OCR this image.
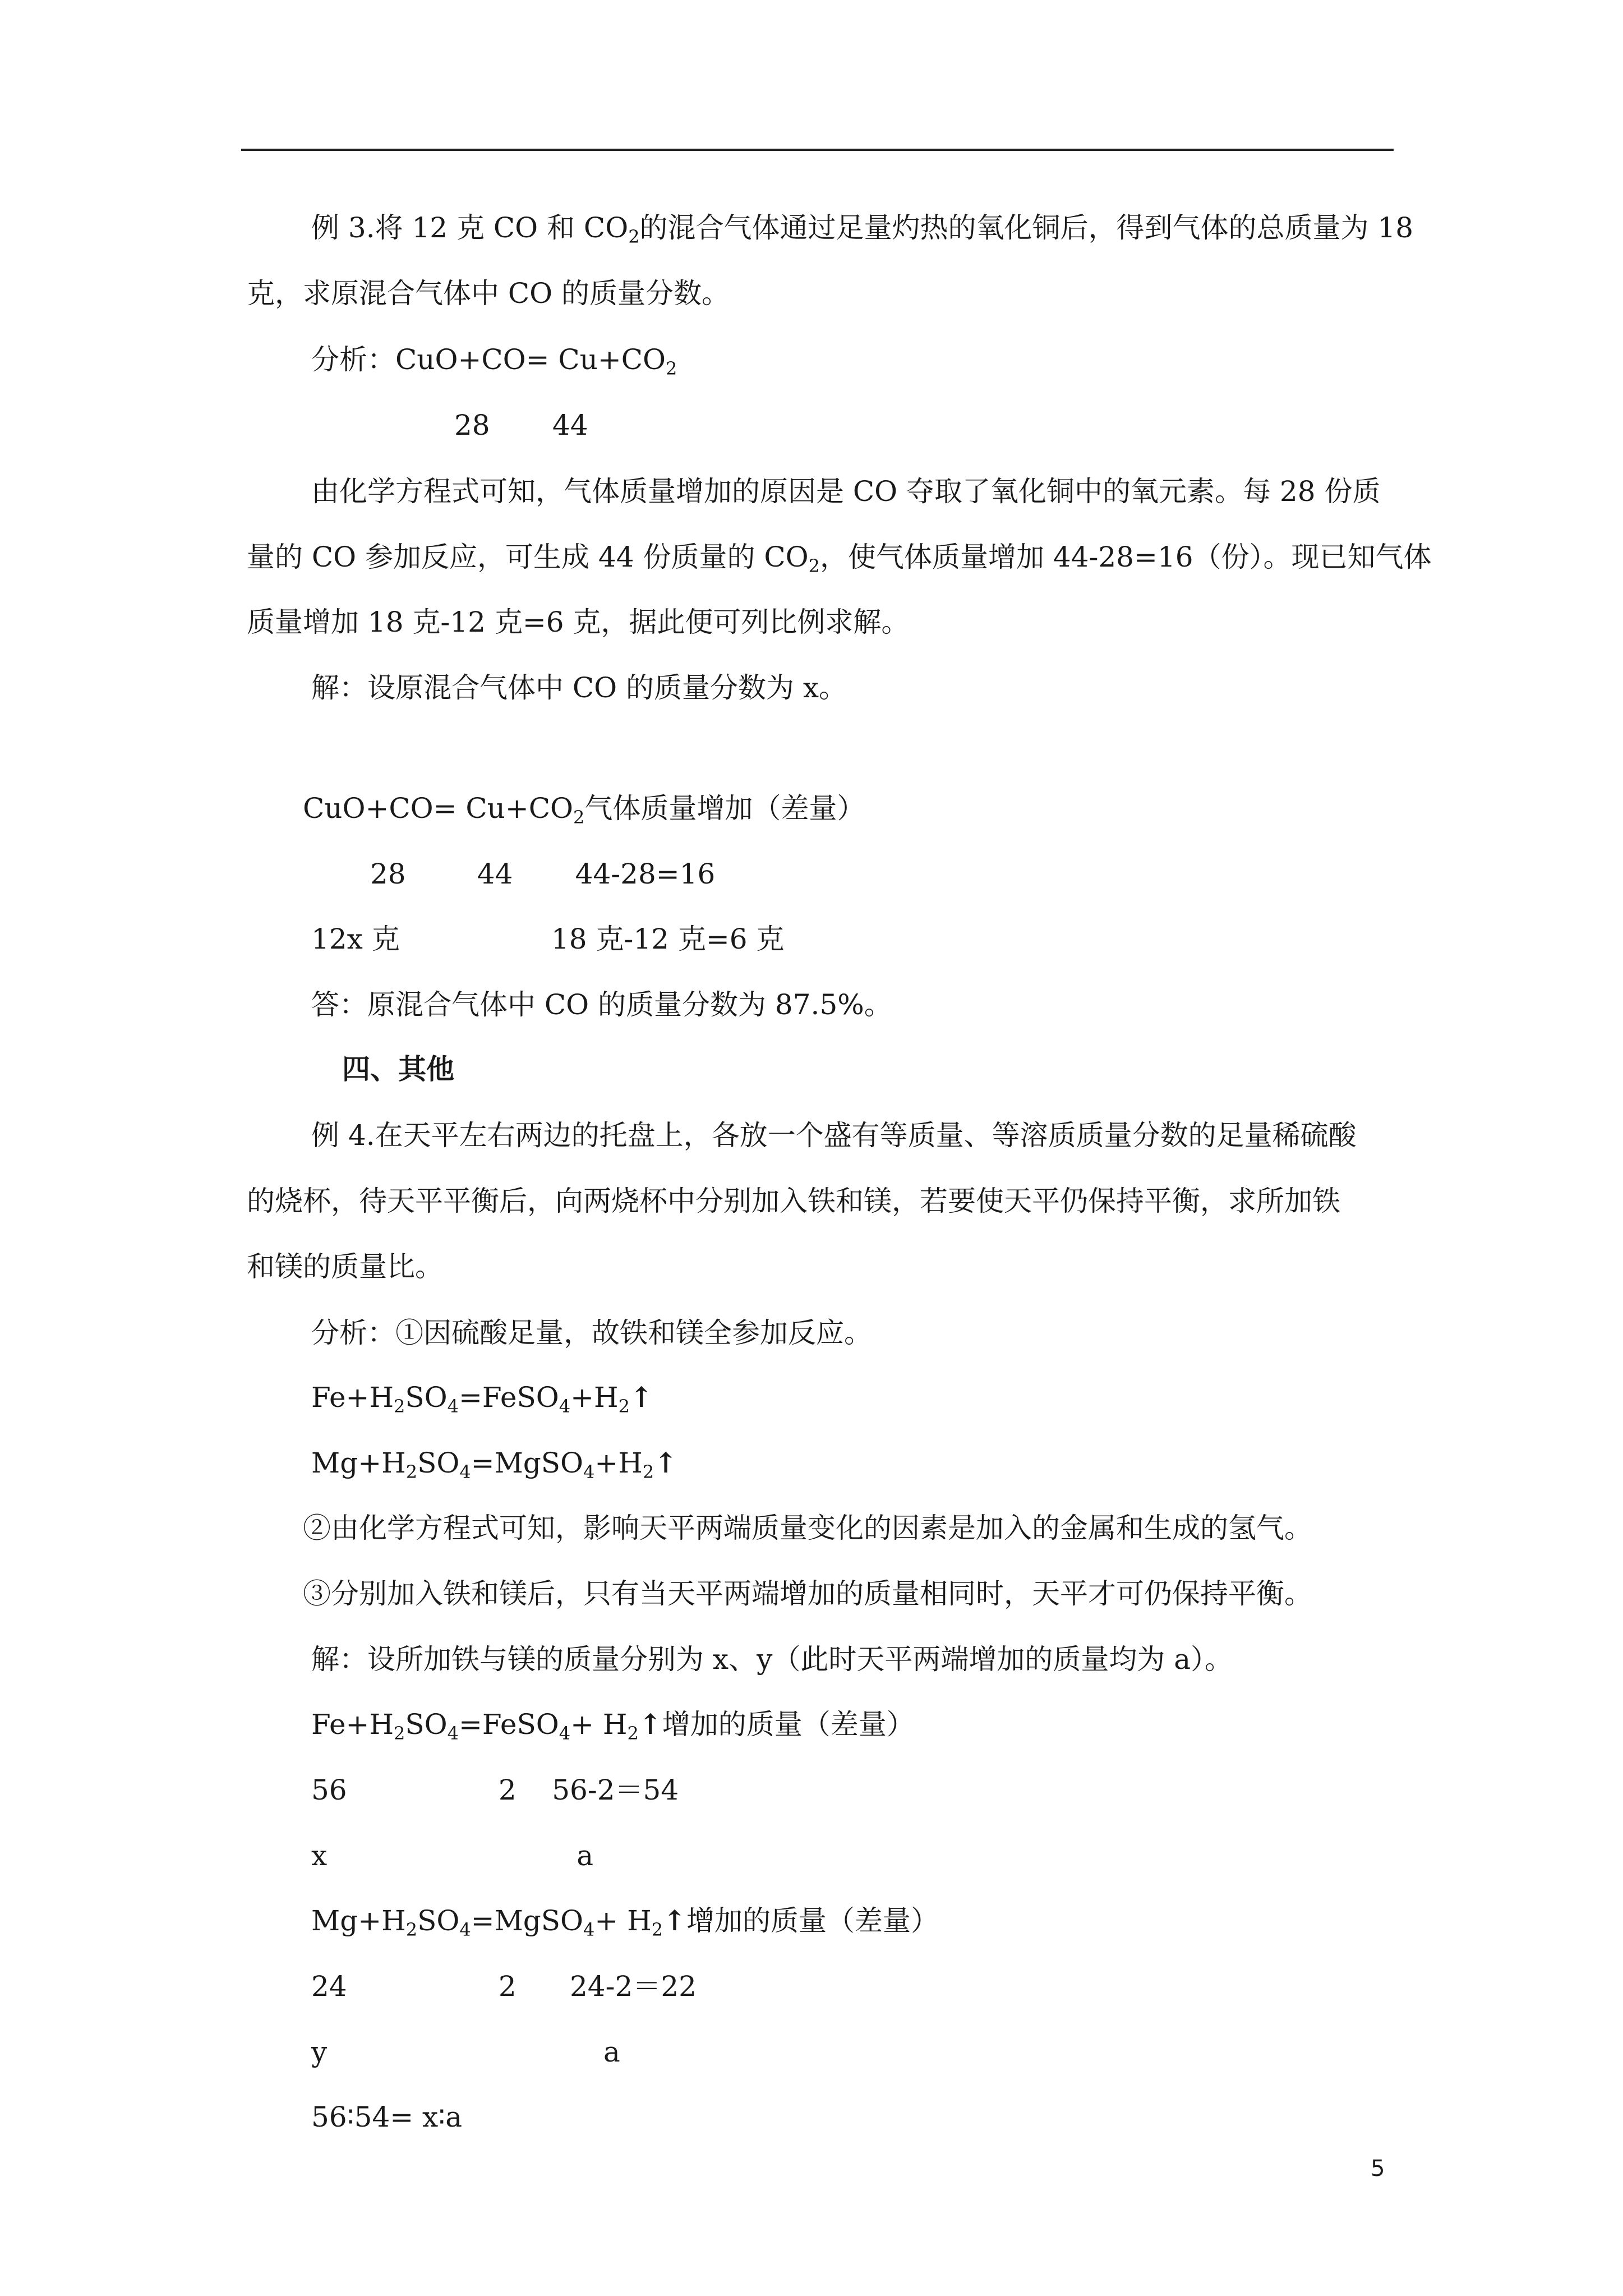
例 3.将 12 克 CO 和 $CO_2$的混合气体通过足量灼热的氧化铜后，得到气体的总质量为 18
克，求原混合气体中 CO 的质量分数。
分析：$CuO+CO= Cu+CO_2$
28       44
由化学方程式可知，气体质量增加的原因是 CO 夺取了氧化铜中的氧元素。每 28 份质
量的 CO 参加反应，可生成 44 份质量的 $CO_2$，使气体质量增加 44-28=16（份）。现已知气体
质量增加 18 克-12 克=6 克，据此便可列比例求解。
解：设原混合气体中 CO 的质量分数为 x。
$CuO+CO= Cu+CO_2$气体质量增加（差量）
28        44       44-28=16
12x 克                 18 克-12 克=6 克
答：原混合气体中 CO 的质量分数为 87.5%。
四、其他
例 4.在天平左右两边的托盘上，各放一个盛有等质量、等溶质质量分数的足量稀硫酸
的烧杯，待天平平衡后，向两烧杯中分别加入铁和镁，若要使天平仍保持平衡，求所加铁
和镁的质量比。
分析：①因硫酸足量，故铁和镁全参加反应。
$Fe+H_2SO_4=FeSO_4+H_2↑$
$Mg+H_2SO_4=MgSO_4+H_2↑$
②由化学方程式可知，影响天平两端质量变化的因素是加入的金属和生成的氢气。
③分别加入铁和镁后，只有当天平两端增加的质量相同时，天平才可仍保持平衡。
解：设所加铁与镁的质量分别为 x、y（此时天平两端增加的质量均为 a）。
$Fe+H_2SO_4=FeSO_4+$ $H_2↑$增加的质量（差量）
56                 2    56-2＝54
x                            a
$Mg+H_2SO_4=MgSO_4+$ $H_2↑$增加的质量（差量）
24                 2      24-2＝22
y                               a
56∶54= x∶a
5
